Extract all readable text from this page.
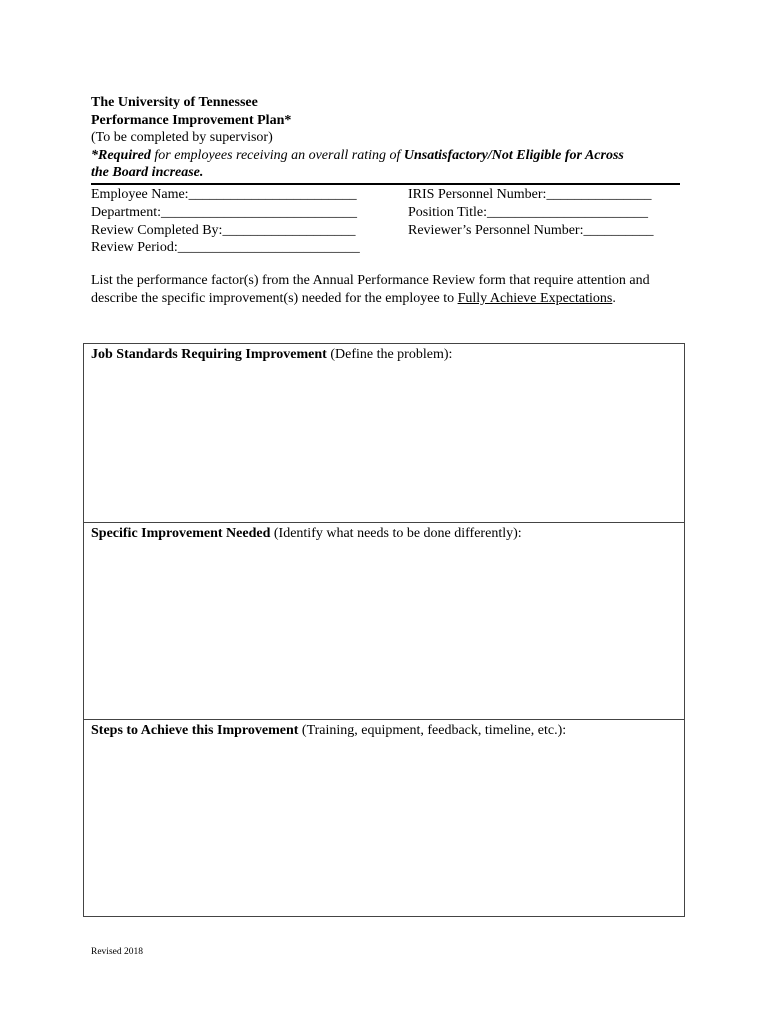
The University of Tennessee
Performance Improvement Plan*
(To be completed by supervisor)
*Required for employees receiving an overall rating of Unsatisfactory/Not Eligible for Across
the Board increase.
Employee Name:________________________
Department:____________________________
Review Completed By:___________________
Review Period:__________________________
IRIS Personnel Number:_______________
Position Title:_______________________
Reviewer’s Personnel Number:__________
List the performance factor(s) from the Annual Performance Review form that require attention and describe the specific improvement(s) needed for the employee to Fully Achieve Expectations.
Job Standards Requiring Improvement (Define the problem):
Specific Improvement Needed (Identify what needs to be done differently):
Steps to Achieve this Improvement (Training, equipment, feedback, timeline, etc.):
Revised 2018
